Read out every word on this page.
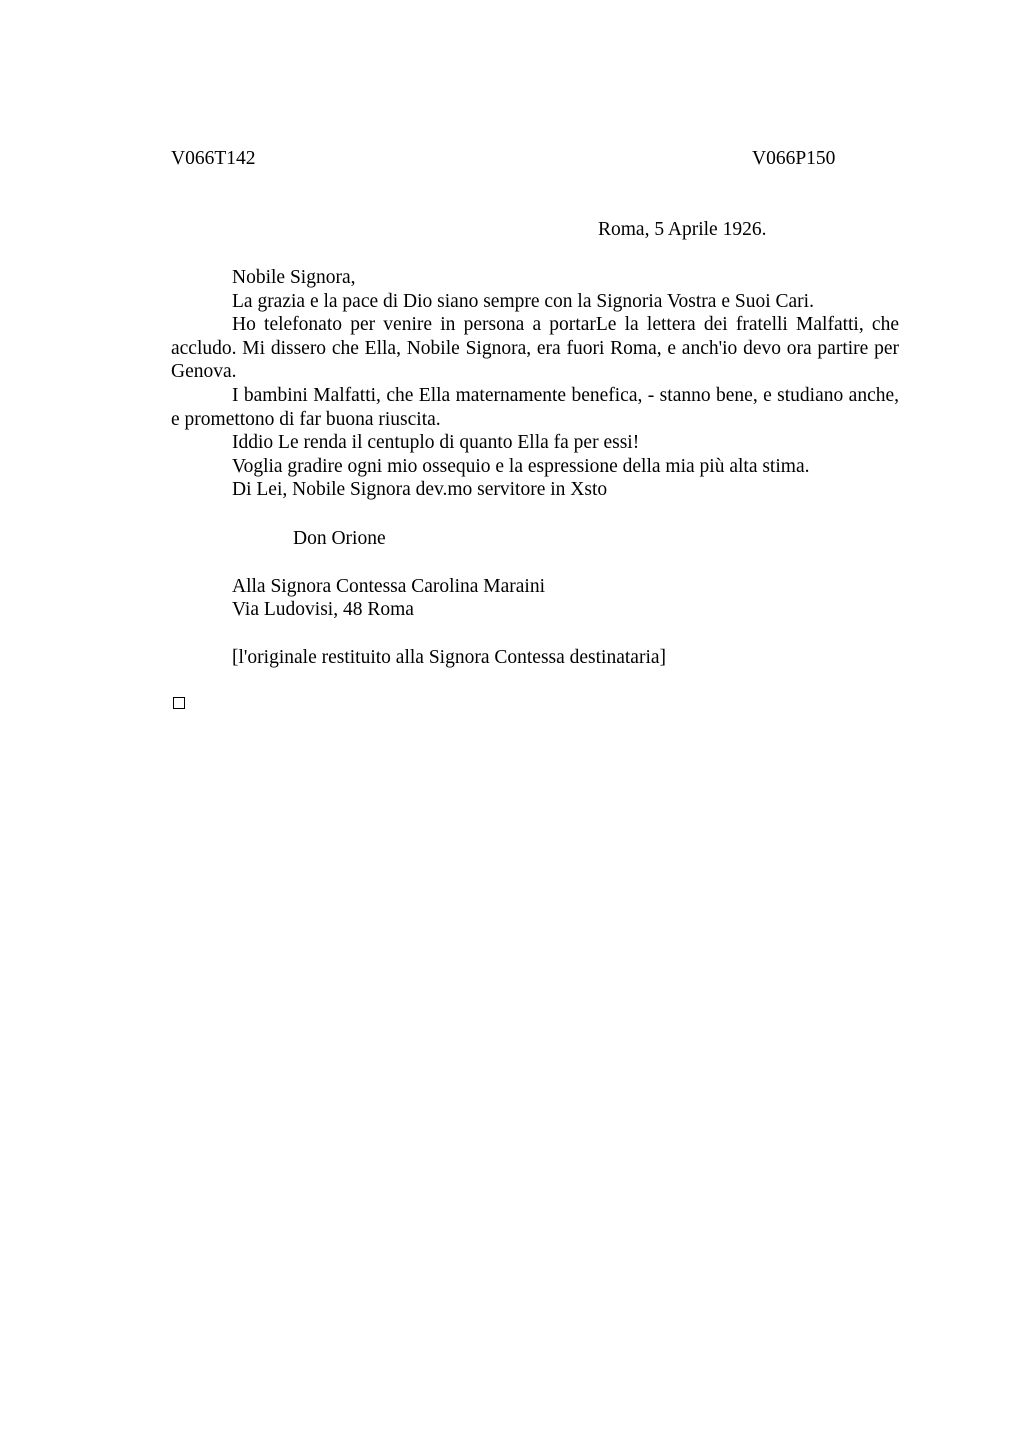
V066T142	V066P150
Roma, 5 Aprile 1926.

Nobile Signora,

La grazia e la pace di Dio siano sempre con la Signoria Vostra e Suoi Cari.

Ho telefonato per venire in persona a portarLe la lettera dei fratelli Malfatti, che accludo. Mi dissero che Ella, Nobile Signora, era fuori Roma, e anch'io devo ora partire per Genova.

I bambini Malfatti, che Ella maternamente benefica, - stanno bene, e studiano anche, e promettono di far buona riuscita.

Iddio Le renda il centuplo di quanto Ella fa per essi!

Voglia gradire ogni mio ossequio e la espressione della mia più alta stima.

Di Lei, Nobile Signora dev.mo servitore in Xsto

Don Orione
Alla Signora Contessa Carolina Maraini
Via Ludovisi, 48 Roma
[l'originale restituito alla Signora Contessa destinataria]
